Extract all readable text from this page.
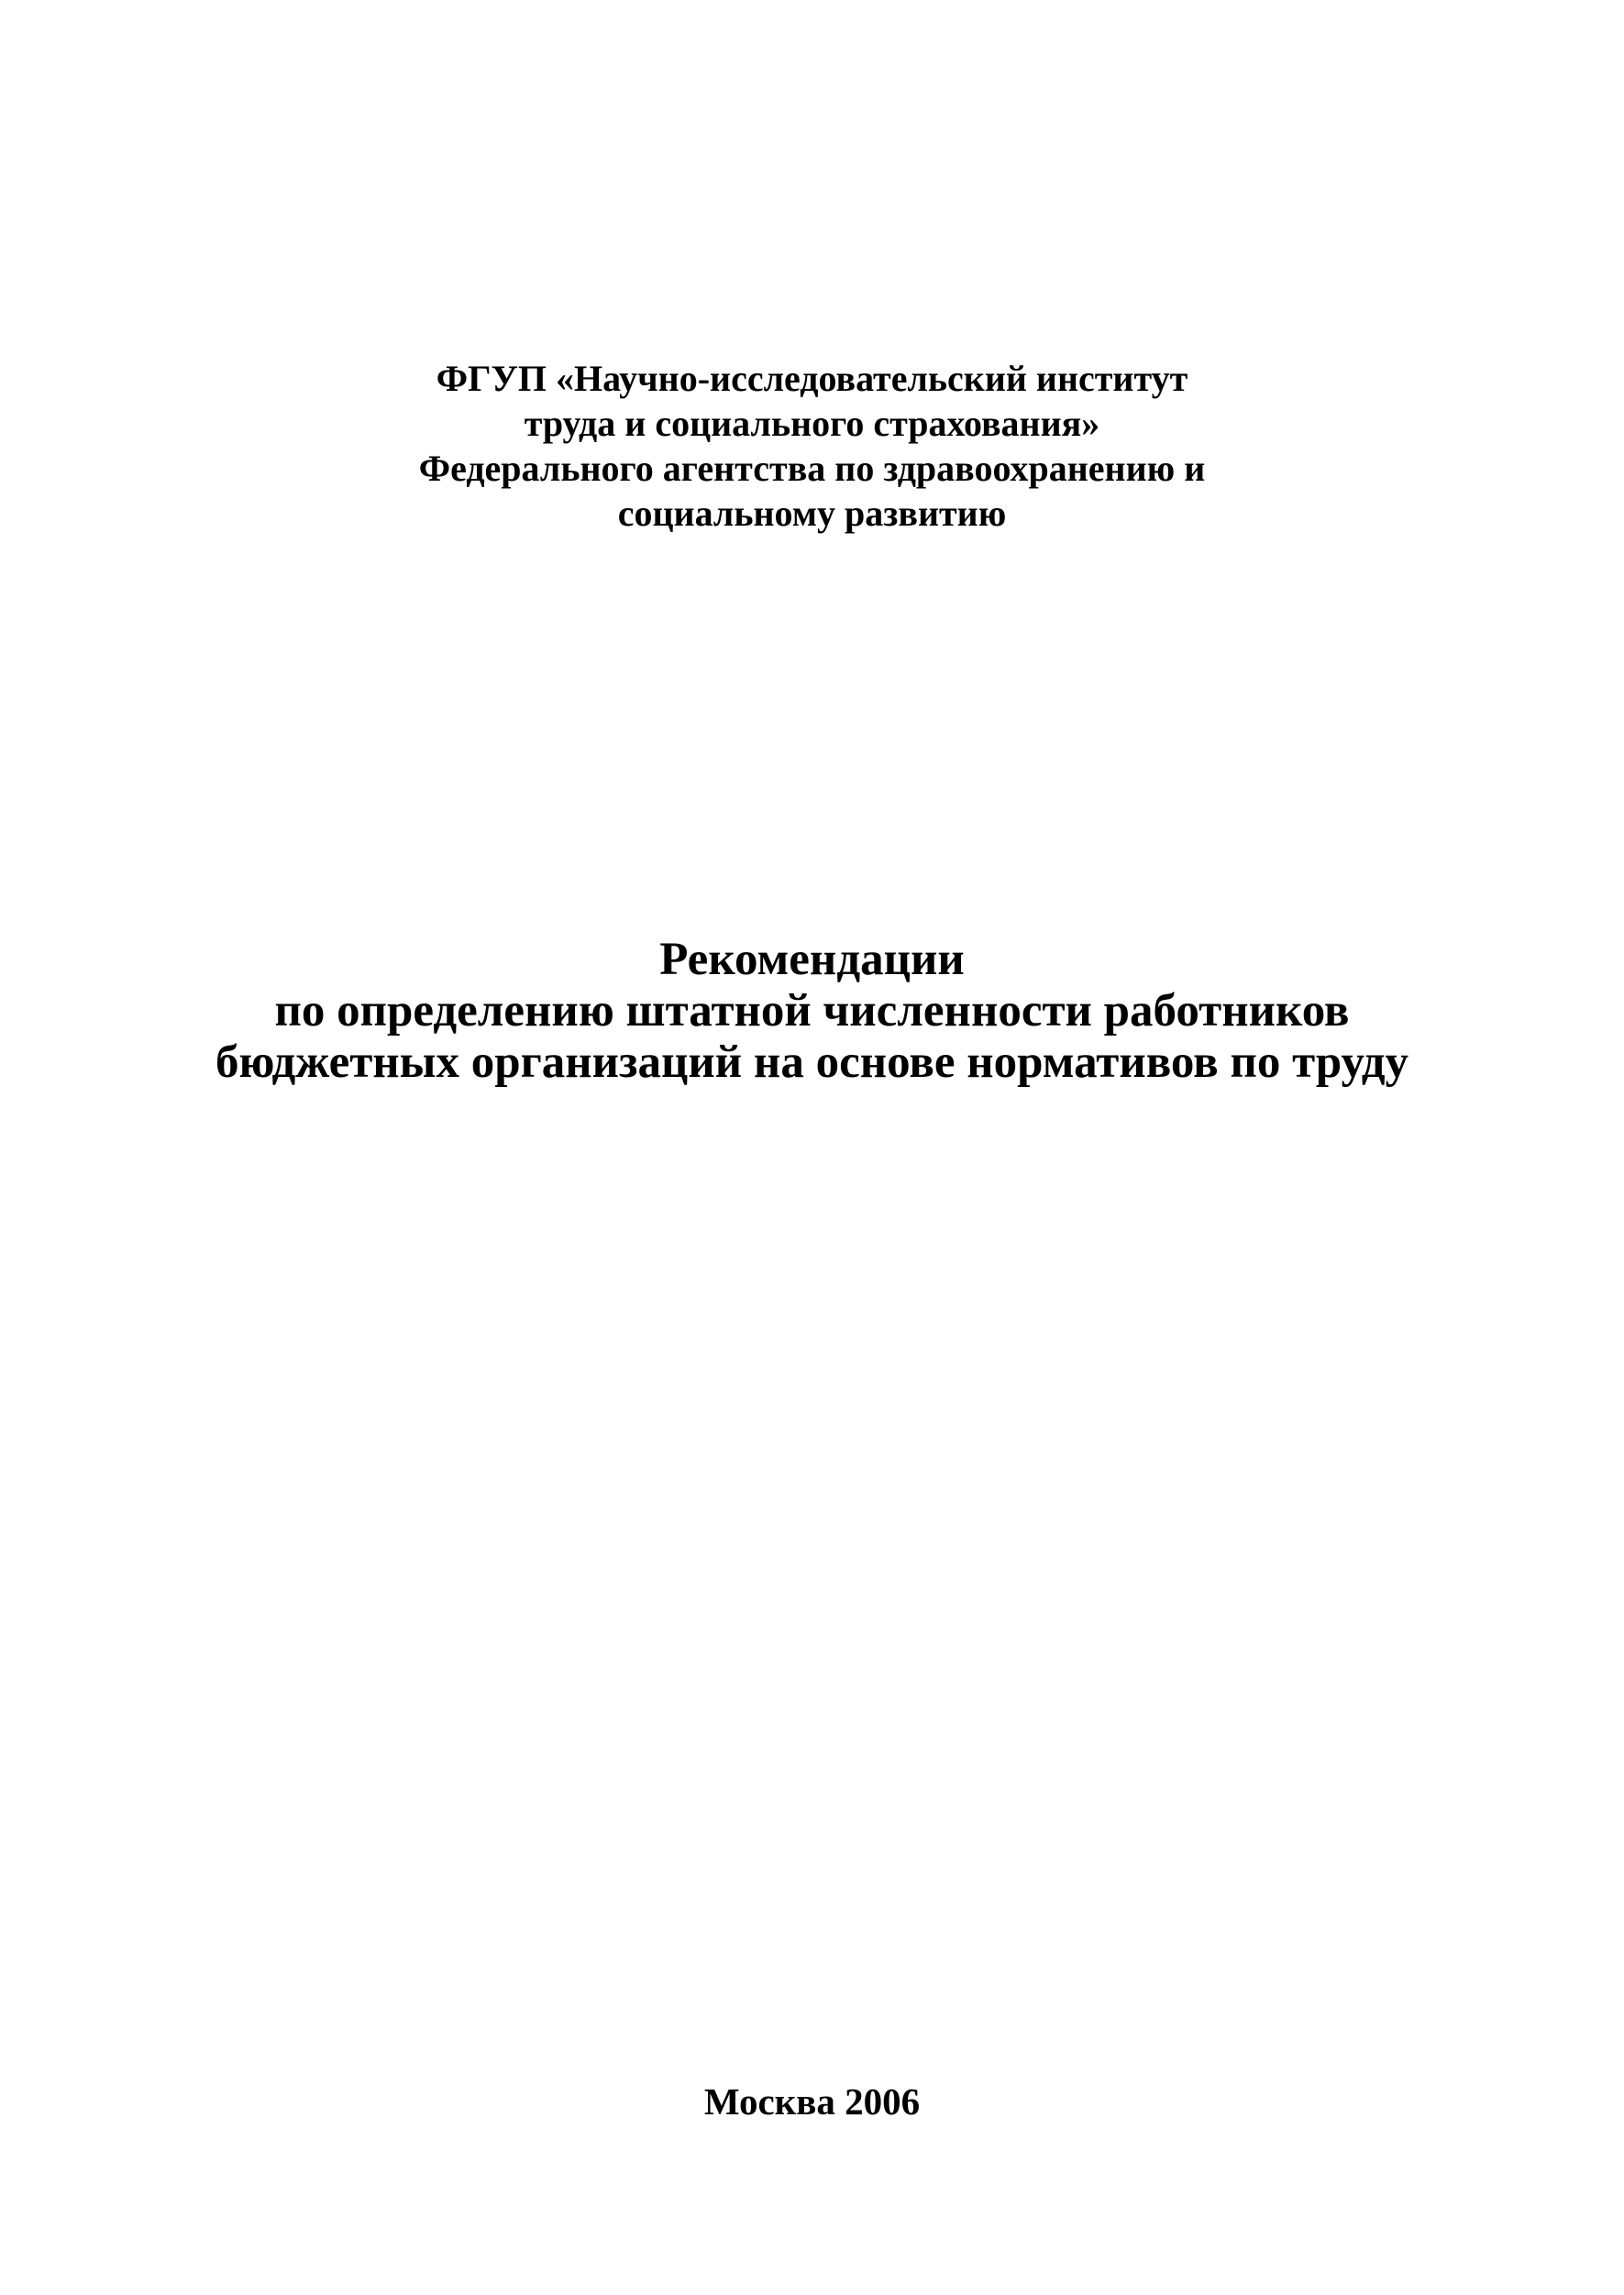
ФГУП «Научно-исследовательский институт
труда и социального страхования»
Федерального агентства по здравоохранению и
социальному развитию
Рекомендации
по определению штатной численности работников
бюджетных организаций на основе нормативов по труду
Москва 2006
